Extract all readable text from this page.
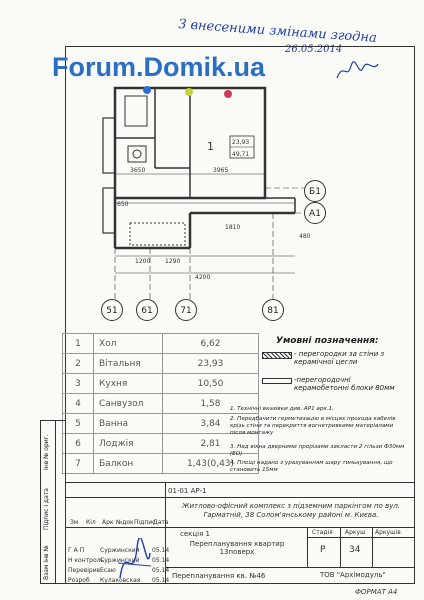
З внесеними змінами згодна
26.05.2014
Forum.Domik.ua
1	23,93
49,71
3965
3650
1810
1290
1200
4200
650
480
Б1
А1
51	61	71	81
1	Хол	6,62
2	Вітальня	23,93
3	Кухня	10,50
4	Санвузол	1,58
5	Ванна	3,84
6	Лоджія	2,81
7	Балкон	1,43(0,43)
Умовні позначення:
- перегородки за стіни з керамічної цегли
-перегородочні керамобетонні блоки 80мм
1. Технічні вказівки див. АР1 арк.1.
2. Передбачити герметизацію в місцях прохода кабелів крізь стіни та перекриття вогнетривкими матеріалами після монтажу
3. Над вікна дверними прорізами закласти 2 гільзи Ф30мм (ЕО)
4. Площі надано з урахуванням шару тинькування, що становить 15мм
Інв № ориг.
Підпис і дата
Взам інв №
01-01 АР-1
Житлово-офісний комплекс з підземним паркінгом по вул. Гарматній, 38 Солом'янському районі м. Києва.
секція 1
Перепланування квартир 13поверх
Перепланування кв. №46
Стадія Аркуш Аркушів
Р	34
ТОВ "Архімодуль"
ФОРМАТ А4
Зм Кіл Арк №док Підпис
Дата
Г А П	Суржинский 05.14
Н контроль
Суржинский 05.14
Перевірив Есаю	05.14
Розроб Кулаковская 05.14
